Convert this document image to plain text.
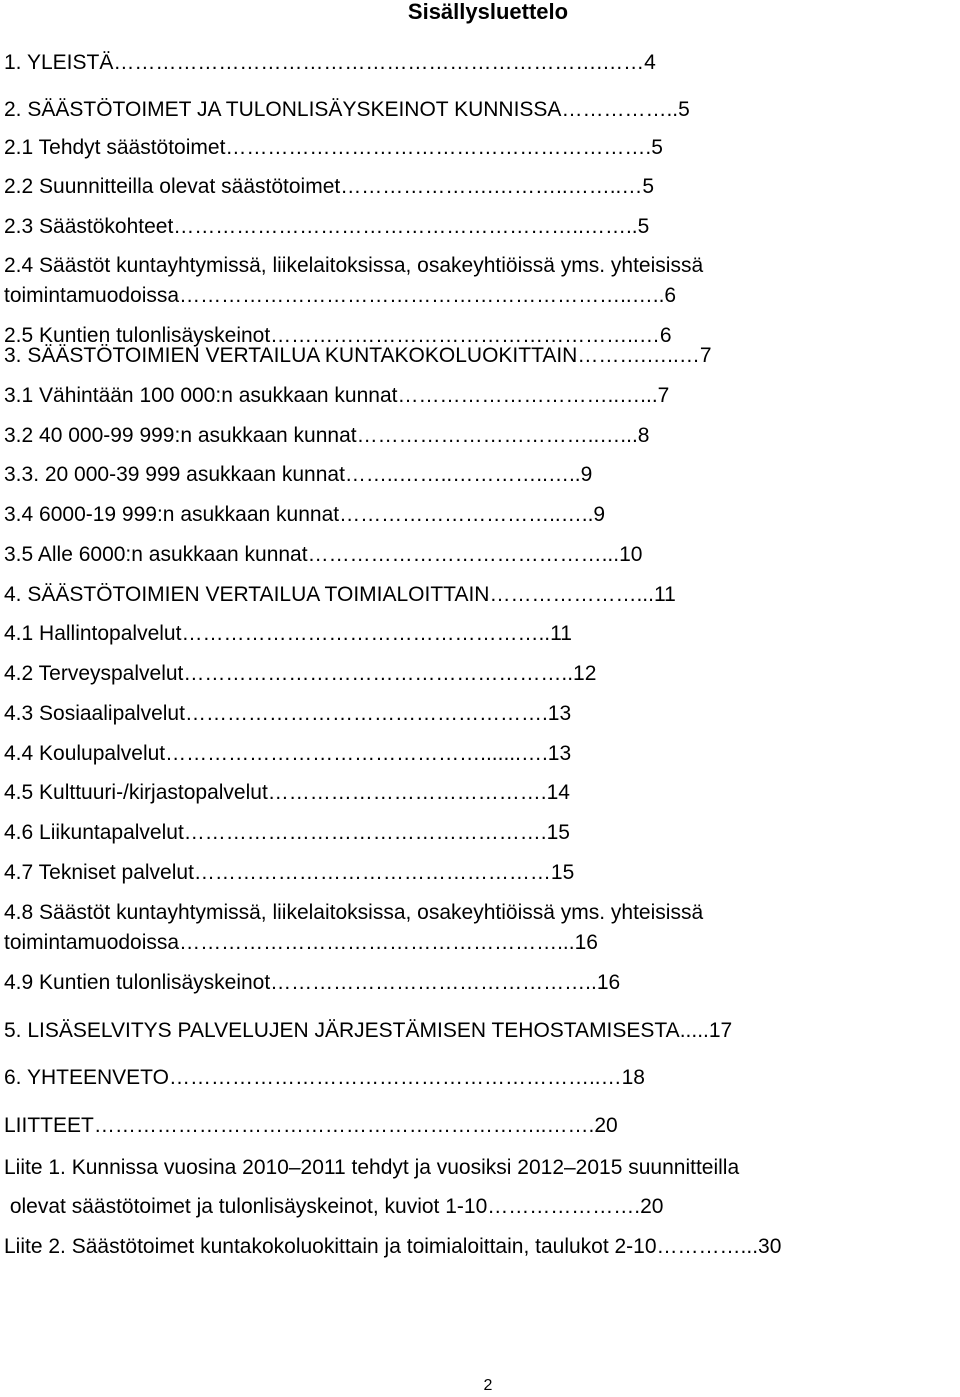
Sisällysluettelo
1. YLEISTÄ…………………………………………………………….……4
2. SÄÄSTÖTOIMET JA TULONLISÄYSKEINOT KUNNISSA……………..5
2.1 Tehdyt säästötoimet…………………………………………………….5
2.2 Suunnitteilla olevat säästötoimet………………….………..……..…5
2.3 Säästökohteet…………………………………………………..……..5
2.4 Säästöt kuntayhtymissä, liikelaitoksissa, osakeyhtiöissä yms. yhteisissä
toimintamuodoissa………………………………………………………..…..6
2.5 Kuntien tulonlisäyskeinot……………………………………………..…6
3. SÄÄSTÖTOIMIEN VERTAILUA KUNTAKOKOLUOKITTAIN……….…..…7
3.1 Vähintään 100 000:n asukkaan kunnat…………………………..…...7
3.2 40 000-99 999:n asukkaan kunnat……………………………..…...8
3.3. 20 000-39 999 asukkaan kunnat……..……..…………..…..9
3.4 6000-19 999:n asukkaan kunnat…………………………..…..9
3.5 Alle 6000:n asukkaan kunnat……………………………………...10
4. SÄÄSTÖTOIMIEN VERTAILUA TOIMIALOITTAIN…………………...11
4.1 Hallintopalvelut……………………………………………..11
4.2 Terveyspalvelut………………………………………………..12
4.3 Sosiaalipalvelut…………………………………………….13
4.4 Koulupalvelut……………………………………….......….13
4.5 Kulttuuri-/kirjastopalvelut………………………………….14
4.6 Liikuntapalvelut…………………………………………….15
4.7 Tekniset palvelut……………………………………………15
4.8 Säästöt kuntayhtymissä, liikelaitoksissa, osakeyhtiöissä yms. yhteisissä
toimintamuodoissa………………………………………………...16
4.9 Kuntien tulonlisäyskeinot………………………………………..16
5. LISÄSELVITYS PALVELUJEN JÄRJESTÄMISEN TEHOSTAMISESTA.....17
6. YHTEENVETO……………………………………………………..…18
LIITTEET………………………………………………………..…….20
Liite 1. Kunnissa vuosina 2010–2011 tehdyt ja vuosiksi 2012–2015 suunnitteilla
olevat säästötoimet ja tulonlisäyskeinot, kuviot 1-10………………….20
Liite 2. Säästötoimet kuntakokoluokittain ja toimialoittain, taulukot 2-10…………...30
2
